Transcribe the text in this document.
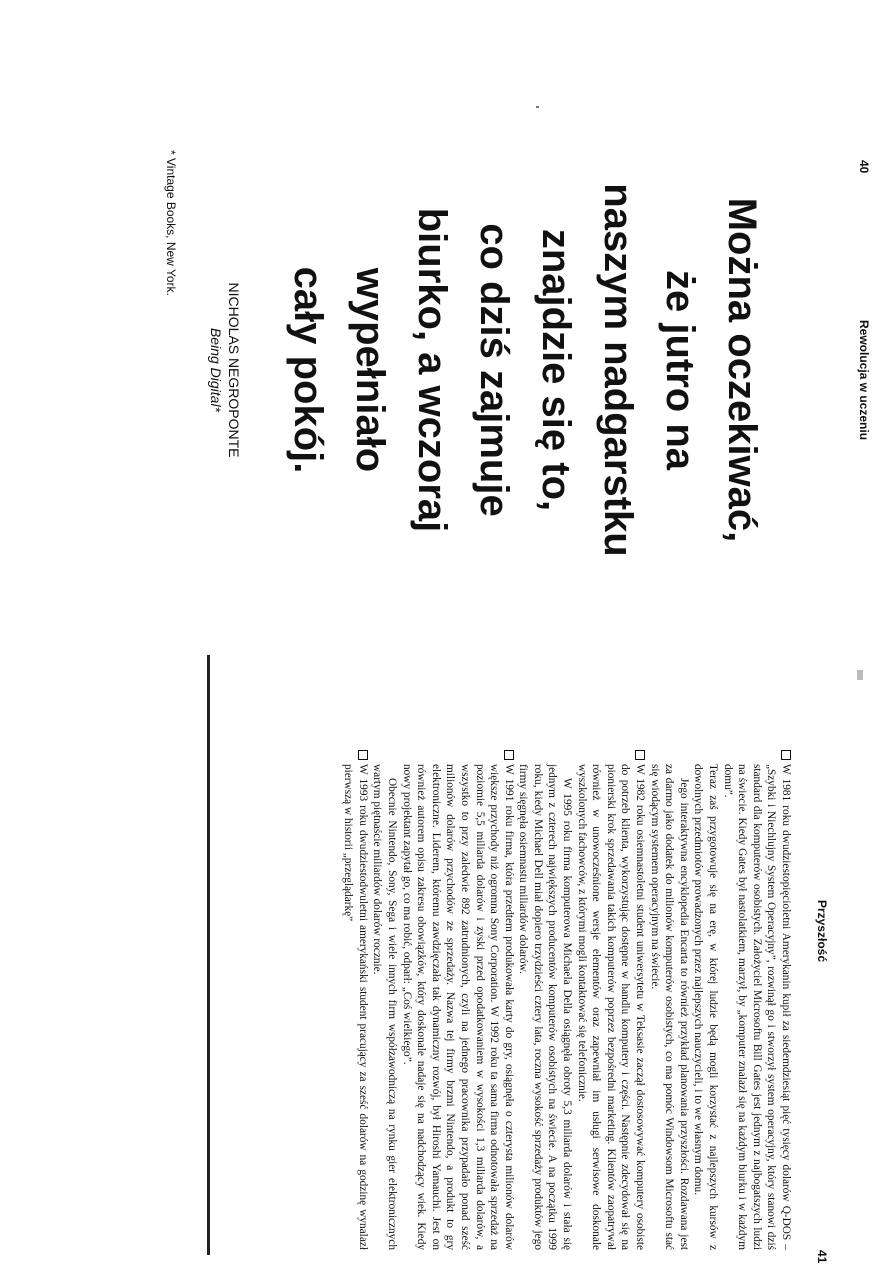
40
Rewolucja w uczeniu
Można oczekiwać,
że jutro na
naszym nadgarstku
znajdzie się to,
co dziś zajmuje
biurko, a wczoraj
wypełniało
cały pokój.
NICHOLAS NEGROPONTE
Being Digital*
* Vintage Books, New York.
Przyszłość
41

W 1981 roku dwudziestopięcioletni Amerykanin kupił za siedemdziesiąt pięć tysięcy dolarów Q-DOS – „Szybki i Niechlujny System Operacyjny”, rozwinął go i stworzył system operacyjny, który stanowi dziś standard dla komputerów osobistych. Założyciel Microsoftu Bill Gates jest jednym z najbogatszych ludzi na świecie. Kiedy Gates był nastolatkiem, marzył, by „komputer znalazł się na każdym biurku i w każdym domu”.

Teraz zaś przygotowuje się na erę, w której ludzie będą mogli korzystać z najlepszych kursów z dowolnych przedmiotów prowadzonych przez najlepszych nauczycieli, i to we własnym domu.

Jego interaktywna encyklopedia Encarta to również przykład planowania przyszłości. Rozdawana jest za darmo jako dodatek do milionów komputerów osobistych, co ma pomóc Windowsom Microsoftu stać się wiodącym systemem operacyjnym na świecie.

W 1982 roku osiemnastoletni student uniwersytetu w Teksasie zaczął dostosowywać komputery osobiste do potrzeb klienta, wykorzystując dostępne w handlu komputery i części. Następnie zdecydował się na pionierski krok sprzedawania takich komputerów poprzez bezpośredni marketing. Klientów zaopatrywał również w unowocześnione wersje elementów oraz zapewniał im usługi serwisowe doskonale wyszkolonych fachowców, z którymi mogli kontaktować się telefonicznie.

W 1995 roku firma komputerowa Michaela Della osiągnęła obroty 5,3 miliarda dolarów i stała się jednym z czterech największych producentów komputerów osobistych na świecie. A na początku 1999 roku, kiedy Michael Dell miał dopiero trzydzieści cztery lata, roczna wysokość sprzedaży produktów jego firmy sięgnęła osiemnastu miliardów dolarów.

W 1991 roku firma, która przedtem produkowała karty do gry, osiągnęła o czterysta milionów dolarów większe przychody niż ogromna Sony Corporation. W 1992 roku ta sama firma odnotowała sprzedaż na poziomie 5,5 miliarda dolarów i zyski przed opodatkowaniem w wysokości 1,3 miliarda dolarów, a wszystko to przy zaledwie 892 zatrudnionych, czyli na jednego pracownika przypadało ponad sześć milionów dolarów przychodów ze sprzedaży. Nazwa tej firmy brzmi Nintendo, a produkt to gry elektroniczne. Liderem, któremu zawdzięczała tak dynamiczny rozwój, był Hiroshi Yamauchi. Jest on również autorem opisu zakresu obowiązków, który doskonale nadaje się na nadchodzący wiek. Kiedy nowy projektant zapytał go, co ma robić, odparł: „Coś wielkiego”.

Obecnie Nintendo, Sony, Sega i wiele innych firm współzawodniczą na rynku gier elektronicznych wartym piętnaście miliardów dolarów rocznie.

W 1993 roku dwudziestodwuletni amerykański student pracujący za sześć dolarów na godzinę wynalazł pierwszą w historii „przeglądarkę”
